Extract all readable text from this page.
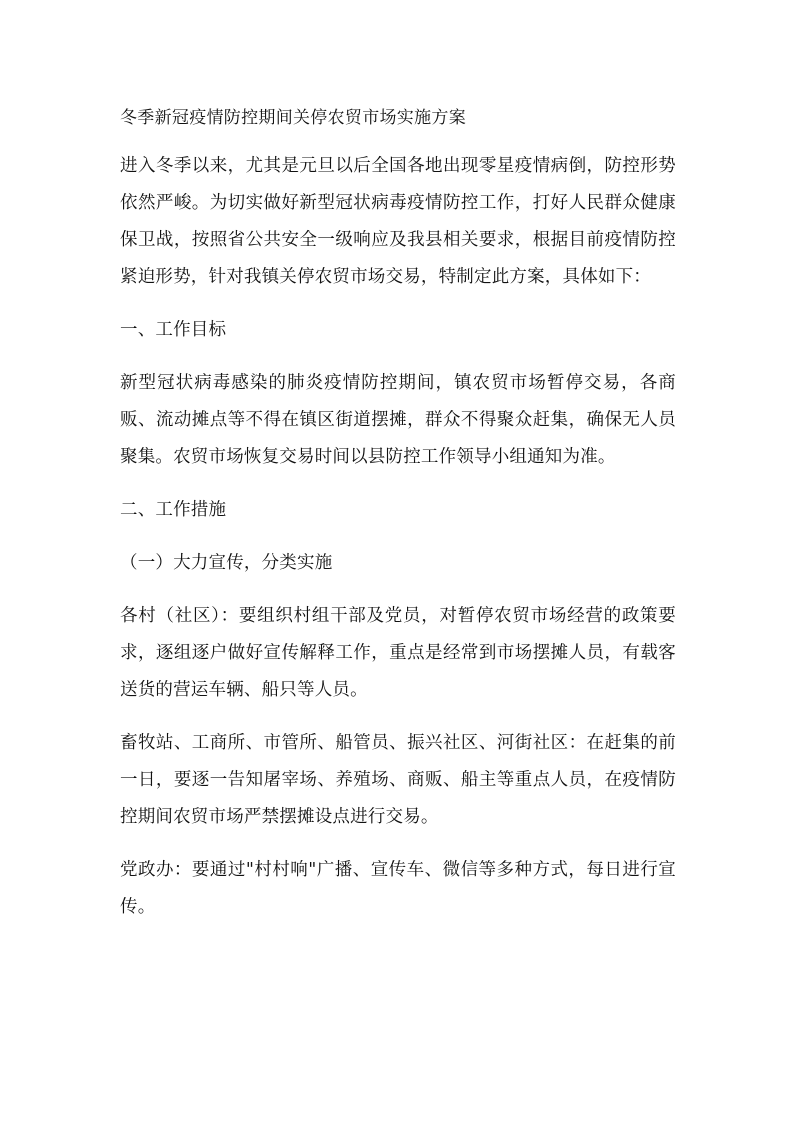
冬季新冠疫情防控期间关停农贸市场实施方案

进入冬季以来，尤其是元旦以后全国各地出现零星疫情病倒，防控形势依然严峻。为切实做好新型冠状病毒疫情防控工作，打好人民群众健康保卫战，按照省公共安全一级响应及我县相关要求，根据目前疫情防控紧迫形势，针对我镇关停农贸市场交易，特制定此方案，具体如下：

一、工作目标

新型冠状病毒感染的肺炎疫情防控期间，镇农贸市场暂停交易，各商贩、流动摊点等不得在镇区街道摆摊，群众不得聚众赶集，确保无人员聚集。农贸市场恢复交易时间以县防控工作领导小组通知为准。

二、工作措施
（一）大力宣传，分类实施

各村（社区）：要组织村组干部及党员，对暂停农贸市场经营的政策要求，逐组逐户做好宣传解释工作，重点是经常到市场摆摊人员，有载客送货的营运车辆、船只等人员。

畜牧站、工商所、市管所、船管员、振兴社区、河街社区：在赶集的前一日，要逐一告知屠宰场、养殖场、商贩、船主等重点人员，在疫情防控期间农贸市场严禁摆摊设点进行交易。

党政办：要通过"村村响"广播、宣传车、微信等多种方式，每日进行宣传。
